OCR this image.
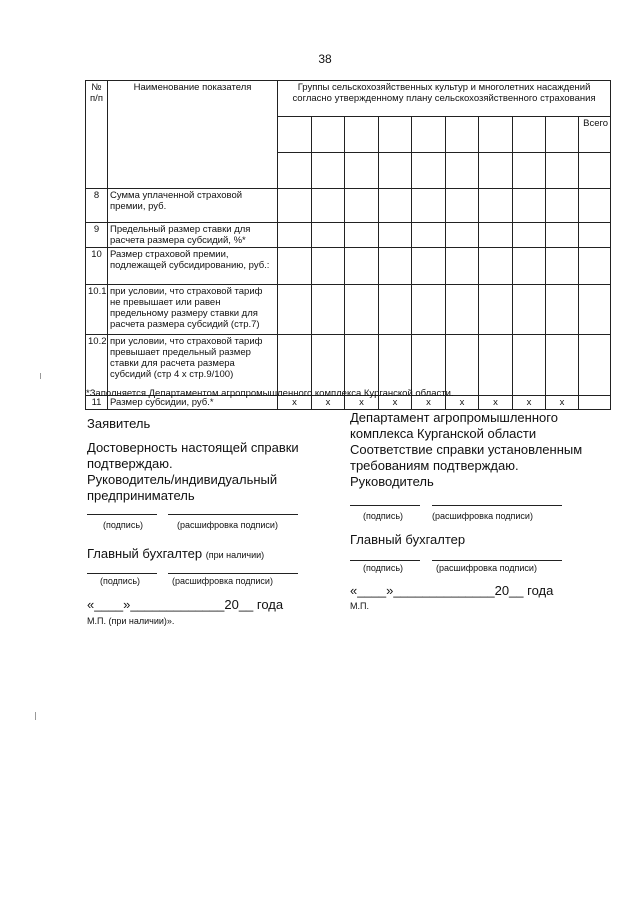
38
№ п/п	Наименование показателя	Группы сельскохозяйственных культур и многолетних насаждений согласно утвержденному плану сельскохозяйственного страхования									
											Всего

8	Сумма уплаченной страховой премии, руб.										
9	Предельный размер ставки для расчета размера субсидий, %*										
10	Размер страховой премии, подлежащей субсидированию, руб.:										
10.1	при условии, что страховой тариф не превышает или равен предельному размеру ставки для расчета размера субсидий (стр.7)										
10.2	при условии, что страховой тариф превышает предельный размер ставки для расчета размера субсидий (стр 4 х стр.9/100)										
11	Размер субсидии, руб.*	х	х	х	х	х	х	х	х	х	
*Заполняется Департаментом агропромышленного комплекса Курганской области.
Заявитель
Достоверность настоящей справки
подтверждаю.
Руководитель/индивидуальный
предприниматель
(подпись)	(расшифровка подписи)
Главный бухгалтер (при наличии)
(подпись)	(расшифровка подписи)
«____»_____________20__ года
М.П. (при наличии)».
Департамент агропромышленного
комплекса Курганской области
Соответствие справки установленным
требованиям подтверждаю.
Руководитель
(подпись)	(расшифровка подписи)
Главный бухгалтер
(подпись)	(расшифровка подписи)
«____»______________20__ года
М.П.
